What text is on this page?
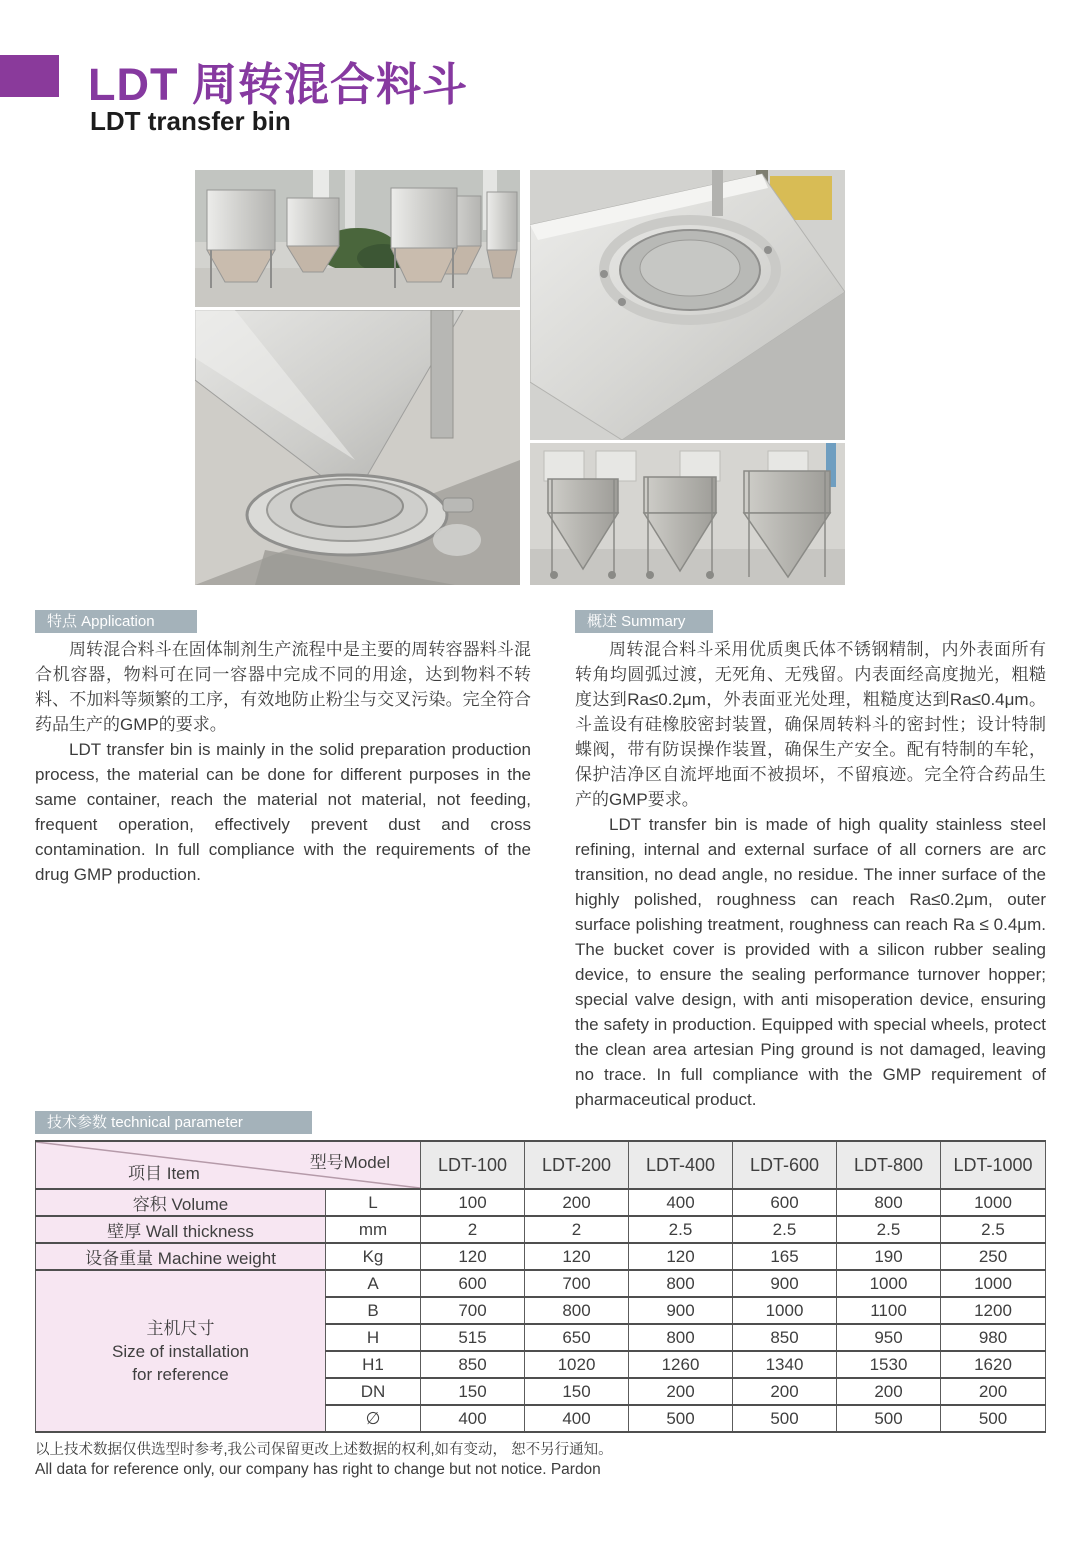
LDT 周转混合料斗
LDT transfer bin
特点 Application

周转混合料斗在固体制剂生产流程中是主要的周转容器料斗混合机容器，物料可在同一容器中完成不同的用途，达到物料不转料、不加料等频繁的工序，有效地防止粉尘与交叉污染。完全符合药品生产的GMP的要求。

LDT transfer bin is mainly in the solid preparation production process, the material can be done for different purposes in the same container, reach the material not material, not feeding, frequent operation, effectively prevent dust and cross contamination. In full compliance with the requirements of the drug GMP production.

概述 Summary

周转混合料斗采用优质奥氏体不锈钢精制，内外表面所有转角均圆弧过渡，无死角、无残留。内表面经高度抛光，粗糙度达到Ra≤0.2μm，外表面亚光处理，粗糙度达到Ra≤0.4μm。斗盖设有硅橡胶密封装置，确保周转料斗的密封性；设计特制蝶阀，带有防误操作装置，确保生产安全。配有特制的车轮，保护洁净区自流坪地面不被损坏，不留痕迹。完全符合药品生产的GMP要求。

LDT transfer bin is made of high quality stainless steel refining, internal and external surface of all corners are arc transition, no dead angle, no residue. The inner surface of the highly polished, roughness can reach Ra≤0.2μm, outer surface polishing treatment, roughness can reach Ra ≤ 0.4μm. The bucket cover is provided with a silicon rubber sealing device, to ensure the sealing performance turnover hopper; special valve design, with anti misoperation device, ensuring the safety in production. Equipped with special wheels, protect the clean area artesian Ping ground is not damaged, leaving no trace. In full compliance with the GMP requirement of pharmaceutical product.

技术参数 technical parameter
项目 Item
型号Model		LDT-100	LDT-200	LDT-400	LDT-600	LDT-800	LDT-1000
容积 Volume	L	100	200	400	600	800	1000
壁厚 Wall thickness	mm	2	2	2.5	2.5	2.5	2.5
设备重量 Machine weight	Kg	120	120	120	165	190	250

主机尺寸
Size of installation
for reference	A	600	700	800	900	1000	1000
	B	700	800	900	1000	1100	1200
	H	515	650	800	850	950	980
	H1	850	1020	1260	1340	1530	1620
	DN	150	150	200	200	200	200
	∅	400	400	500	500	500	500
以上技术数据仅供选型时参考,我公司保留更改上述数据的权利,如有变动， 恕不另行通知。
All data for reference only, our company has right to change but not notice. Pardon
